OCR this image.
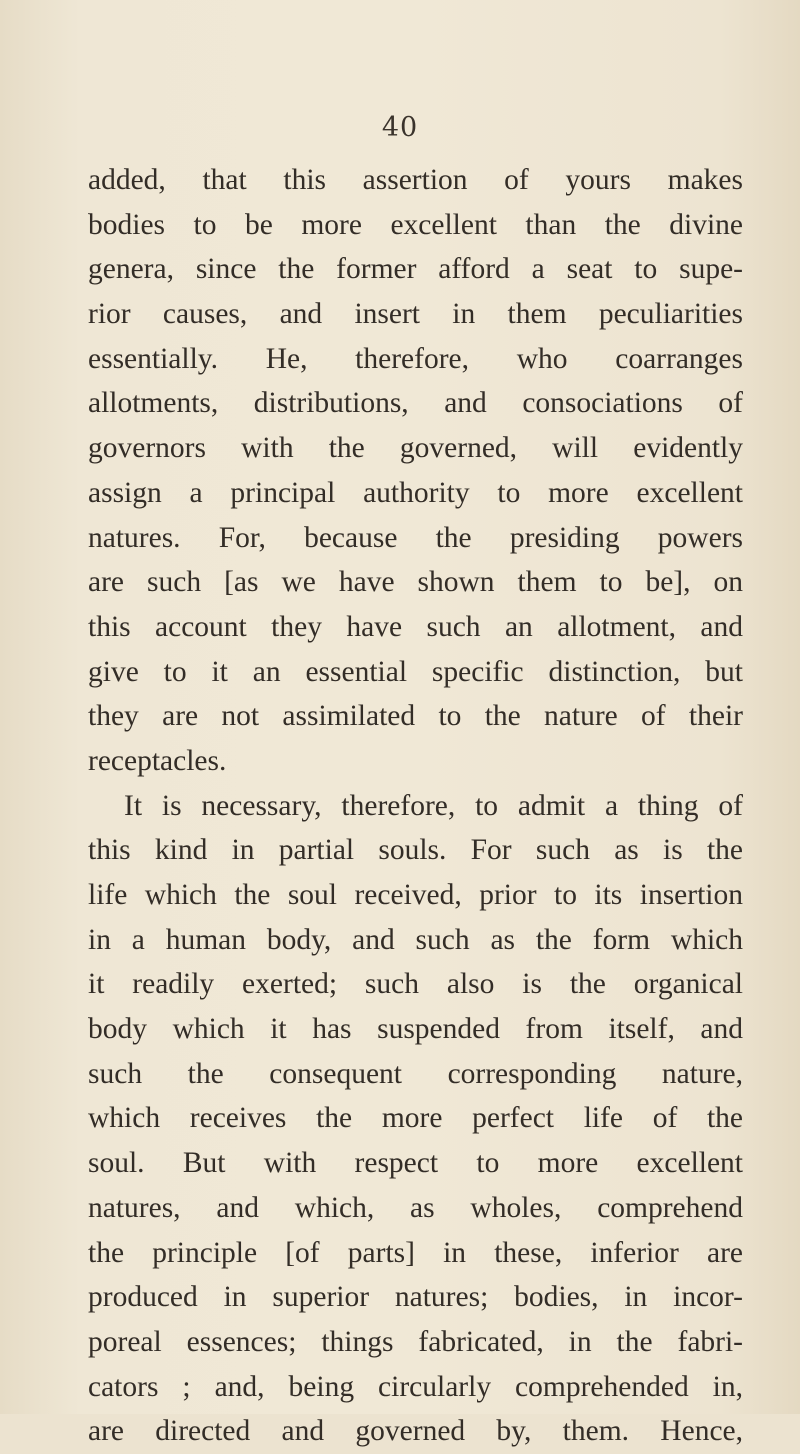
40
added, that this assertion of yours makes
bodies to be more excellent than the divine
genera, since the former afford a seat to supe-
rior causes, and insert in them peculiarities
essentially. He, therefore, who coarranges
allotments, distributions, and consociations of
governors with the governed, will evidently
assign a principal authority to more excellent
natures. For, because the presiding powers
are such [as we have shown them to be], on
this account they have such an allotment, and
give to it an essential specific distinction, but
they are not assimilated to the nature of their
receptacles.
It is necessary, therefore, to admit a thing of
this kind in partial souls. For such as is the
life which the soul received, prior to its insertion
in a human body, and such as the form which
it readily exerted; such also is the organical
body which it has suspended from itself, and
such the consequent corresponding nature,
which receives the more perfect life of the
soul. But with respect to more excellent
natures, and which, as wholes, comprehend
the principle [of parts] in these, inferior are
produced in superior natures; bodies, in incor-
poreal essences; things fabricated, in the fabri-
cators ; and, being circularly comprehended in,
are directed and governed by, them. Hence,
